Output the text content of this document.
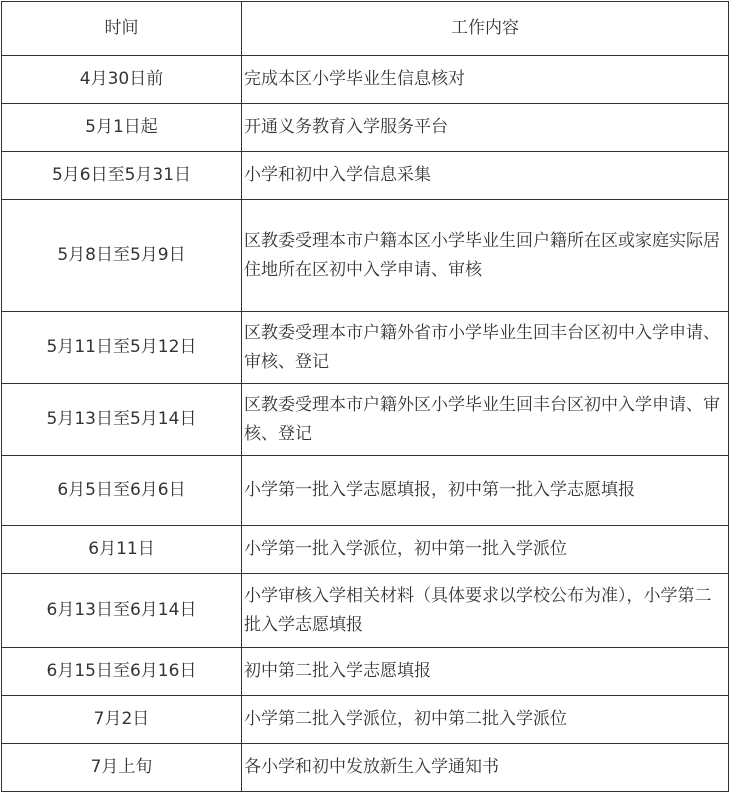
时间	工作内容
4月30日前	完成本区小学毕业生信息核对
5月1日起	开通义务教育入学服务平台
5月6日至5月31日	小学和初中入学信息采集
5月8日至5月9日	区教委受理本市户籍本区小学毕业生回户籍所在区或家庭实际居住地所在区初中入学申请、审核
5月11日至5月12日	区教委受理本市户籍外省市小学毕业生回丰台区初中入学申请、审核、登记
5月13日至5月14日	区教委受理本市户籍外区小学毕业生回丰台区初中入学申请、审核、登记
6月5日至6月6日	小学第一批入学志愿填报，初中第一批入学志愿填报
6月11日	小学第一批入学派位，初中第一批入学派位
6月13日至6月14日	小学审核入学相关材料（具体要求以学校公布为准），小学第二批入学志愿填报
6月15日至6月16日	初中第二批入学志愿填报
7月2日	小学第二批入学派位，初中第二批入学派位
7月上旬	各小学和初中发放新生入学通知书
